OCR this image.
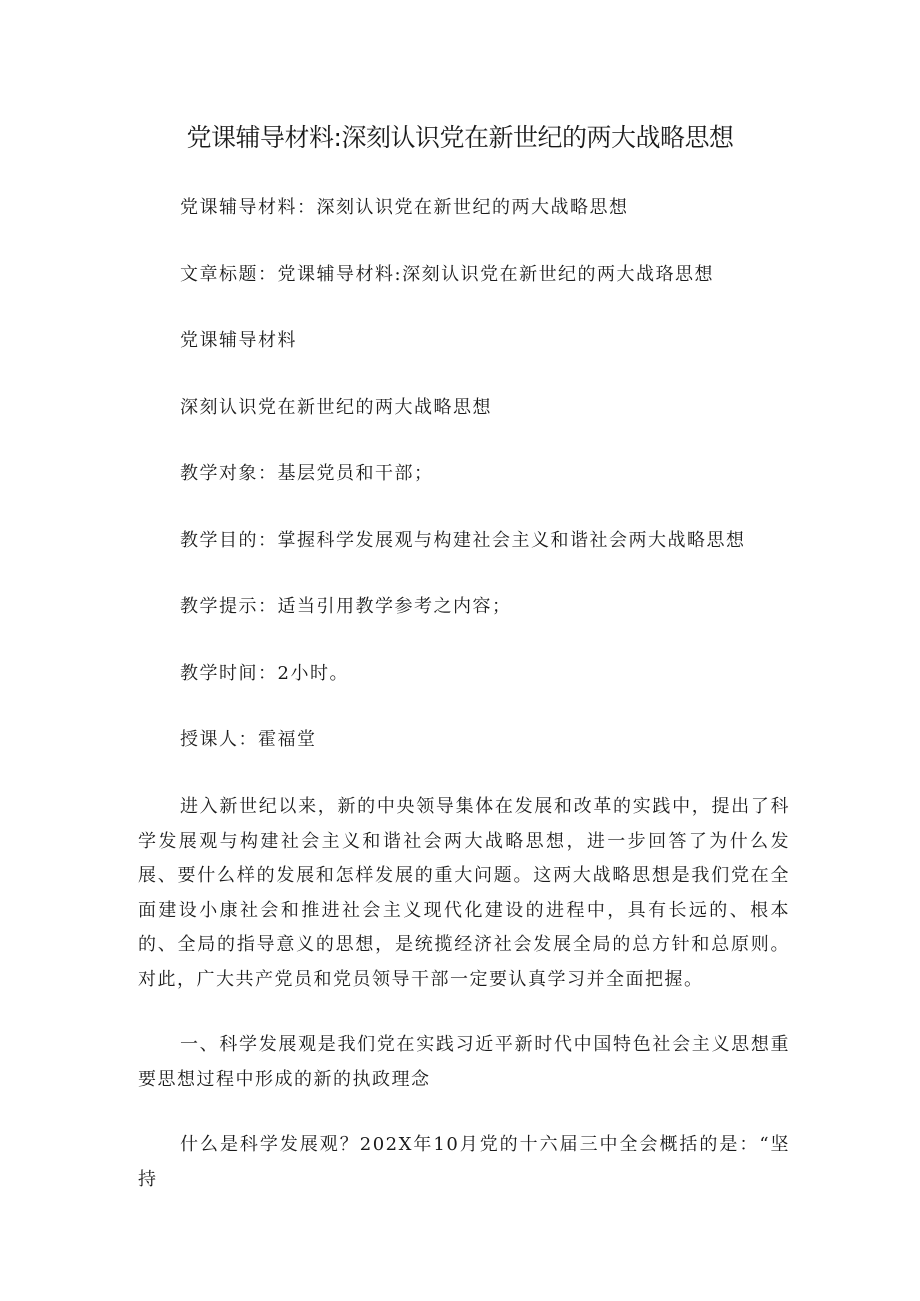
党课辅导材料:深刻认识党在新世纪的两大战略思想

党课辅导材料：深刻认识党在新世纪的两大战略思想

文章标题：党课辅导材料:深刻认识党在新世纪的两大战珞思想

党课辅导材料

深刻认识党在新世纪的两大战略思想

教学对象：基层党员和干部；

教学目的：掌握科学发展观与构建社会主义和谐社会两大战略思想

教学提示：适当引用教学参考之内容；

教学时间：2小时。

授课人：霍福堂

进入新世纪以来，新的中央领导集体在发展和改革的实践中，提出了科学发展观与构建社会主义和谐社会两大战略思想，进一步回答了为什么发展、要什么样的发展和怎样发展的重大问题。这两大战略思想是我们党在全面建设小康社会和推进社会主义现代化建设的进程中，具有长远的、根本的、全局的指导意义的思想，是统揽经济社会发展全局的总方针和总原则。对此，广大共产党员和党员领导干部一定要认真学习并全面把握。

一、科学发展观是我们党在实践习近平新时代中国特色社会主义思想重要思想过程中形成的新的执政理念

什么是科学发展观？202X年10月党的十六届三中全会概括的是：“坚持
